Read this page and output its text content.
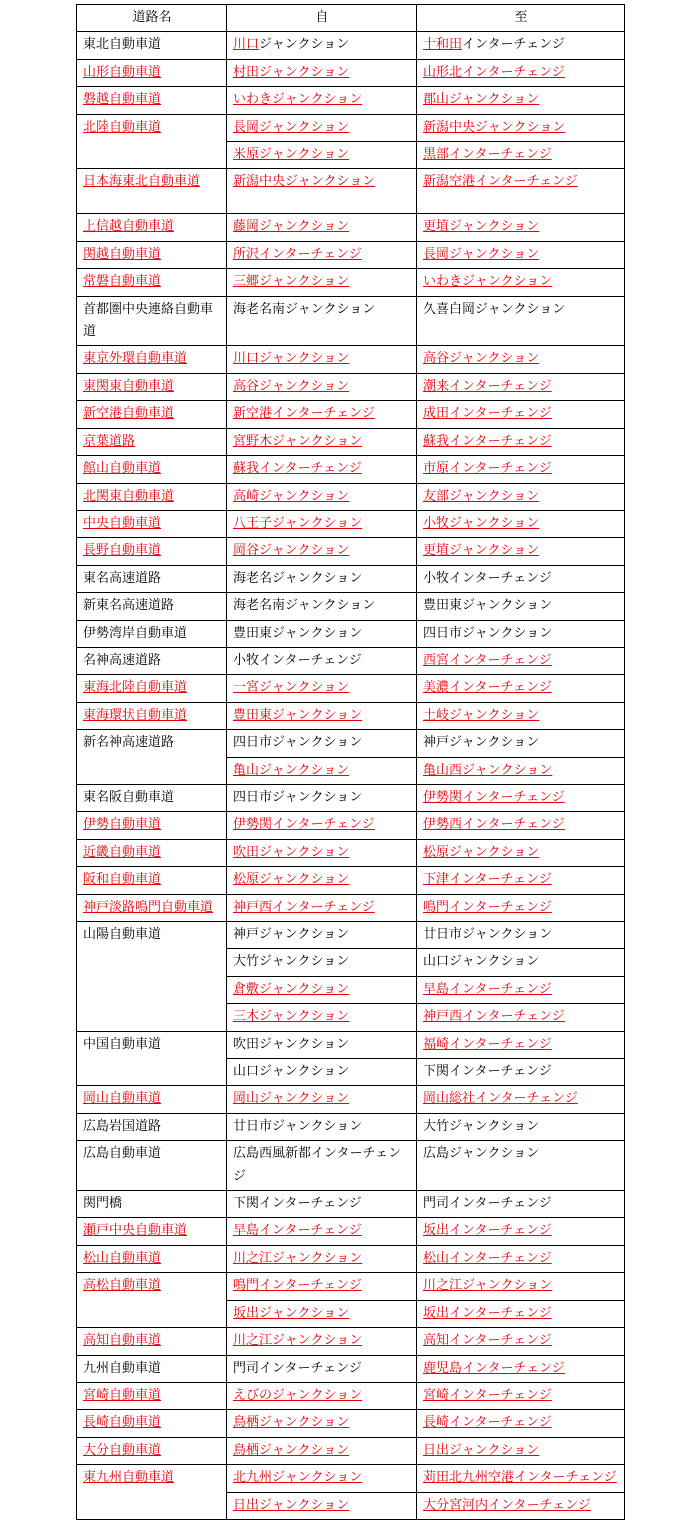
道路名	自	至
東北自動車道	川口ジャンクション	十和田インターチェンジ
山形自動車道	村田ジャンクション	山形北インターチェンジ
磐越自動車道	いわきジャンクション	郡山ジャンクション
北陸自動車道	長岡ジャンクション	新潟中央ジャンクション
	米原ジャンクション	黒部インターチェンジ
日本海東北自動車道	新潟中央ジャンクション	新潟空港インターチェンジ
上信越自動車道	藤岡ジャンクション	更埴ジャンクション
関越自動車道	所沢インターチェンジ	長岡ジャンクション
常磐自動車道	三郷ジャンクション	いわきジャンクション
首都圏中央連絡自動車道	海老名南ジャンクション	久喜白岡ジャンクション
東京外環自動車道	川口ジャンクション	高谷ジャンクション
東関東自動車道	高谷ジャンクション	潮来インターチェンジ
新空港自動車道	新空港インターチェンジ	成田インターチェンジ
京葉道路	宮野木ジャンクション	蘇我インターチェンジ
館山自動車道	蘇我インターチェンジ	市原インターチェンジ
北関東自動車道	高崎ジャンクション	友部ジャンクション
中央自動車道	八王子ジャンクション	小牧ジャンクション
長野自動車道	岡谷ジャンクション	更埴ジャンクション
東名高速道路	海老名ジャンクション	小牧インターチェンジ
新東名高速道路	海老名南ジャンクション	豊田東ジャンクション
伊勢湾岸自動車道	豊田東ジャンクション	四日市ジャンクション
名神高速道路	小牧インターチェンジ	西宮インターチェンジ
東海北陸自動車道	一宮ジャンクション	美濃インターチェンジ
東海環状自動車道	豊田東ジャンクション	土岐ジャンクション
新名神高速道路	四日市ジャンクション	神戸ジャンクション
	亀山ジャンクション	亀山西ジャンクション
東名阪自動車道	四日市ジャンクション	伊勢関インターチェンジ
伊勢自動車道	伊勢関インターチェンジ	伊勢西インターチェンジ
近畿自動車道	吹田ジャンクション	松原ジャンクション
阪和自動車道	松原ジャンクション	下津インターチェンジ
神戸淡路鳴門自動車道	神戸西インターチェンジ	鳴門インターチェンジ
山陽自動車道	神戸ジャンクション	廿日市ジャンクション
	大竹ジャンクション	山口ジャンクション
	倉敷ジャンクション	早島インターチェンジ
	三木ジャンクション	神戸西インターチェンジ
中国自動車道	吹田ジャンクション	福崎インターチェンジ
	山口ジャンクション	下関インターチェンジ
岡山自動車道	岡山ジャンクション	岡山総社インターチェンジ
広島岩国道路	廿日市ジャンクション	大竹ジャンクション
広島自動車道	広島西風新都インターチェンジ	広島ジャンクション
関門橋	下関インターチェンジ	門司インターチェンジ
瀬戸中央自動車道	早島インターチェンジ	坂出インターチェンジ
松山自動車道	川之江ジャンクション	松山インターチェンジ
高松自動車道	鳴門インターチェンジ	川之江ジャンクション
	坂出ジャンクション	坂出インターチェンジ
高知自動車道	川之江ジャンクション	高知インターチェンジ
九州自動車道	門司インターチェンジ	鹿児島インターチェンジ
宮崎自動車道	えびのジャンクション	宮崎インターチェンジ
長崎自動車道	鳥栖ジャンクション	長崎インターチェンジ
大分自動車道	鳥栖ジャンクション	日出ジャンクション
東九州自動車道	北九州ジャンクション	苅田北九州空港インターチェンジ
	日出ジャンクション	大分宮河内インターチェンジ
